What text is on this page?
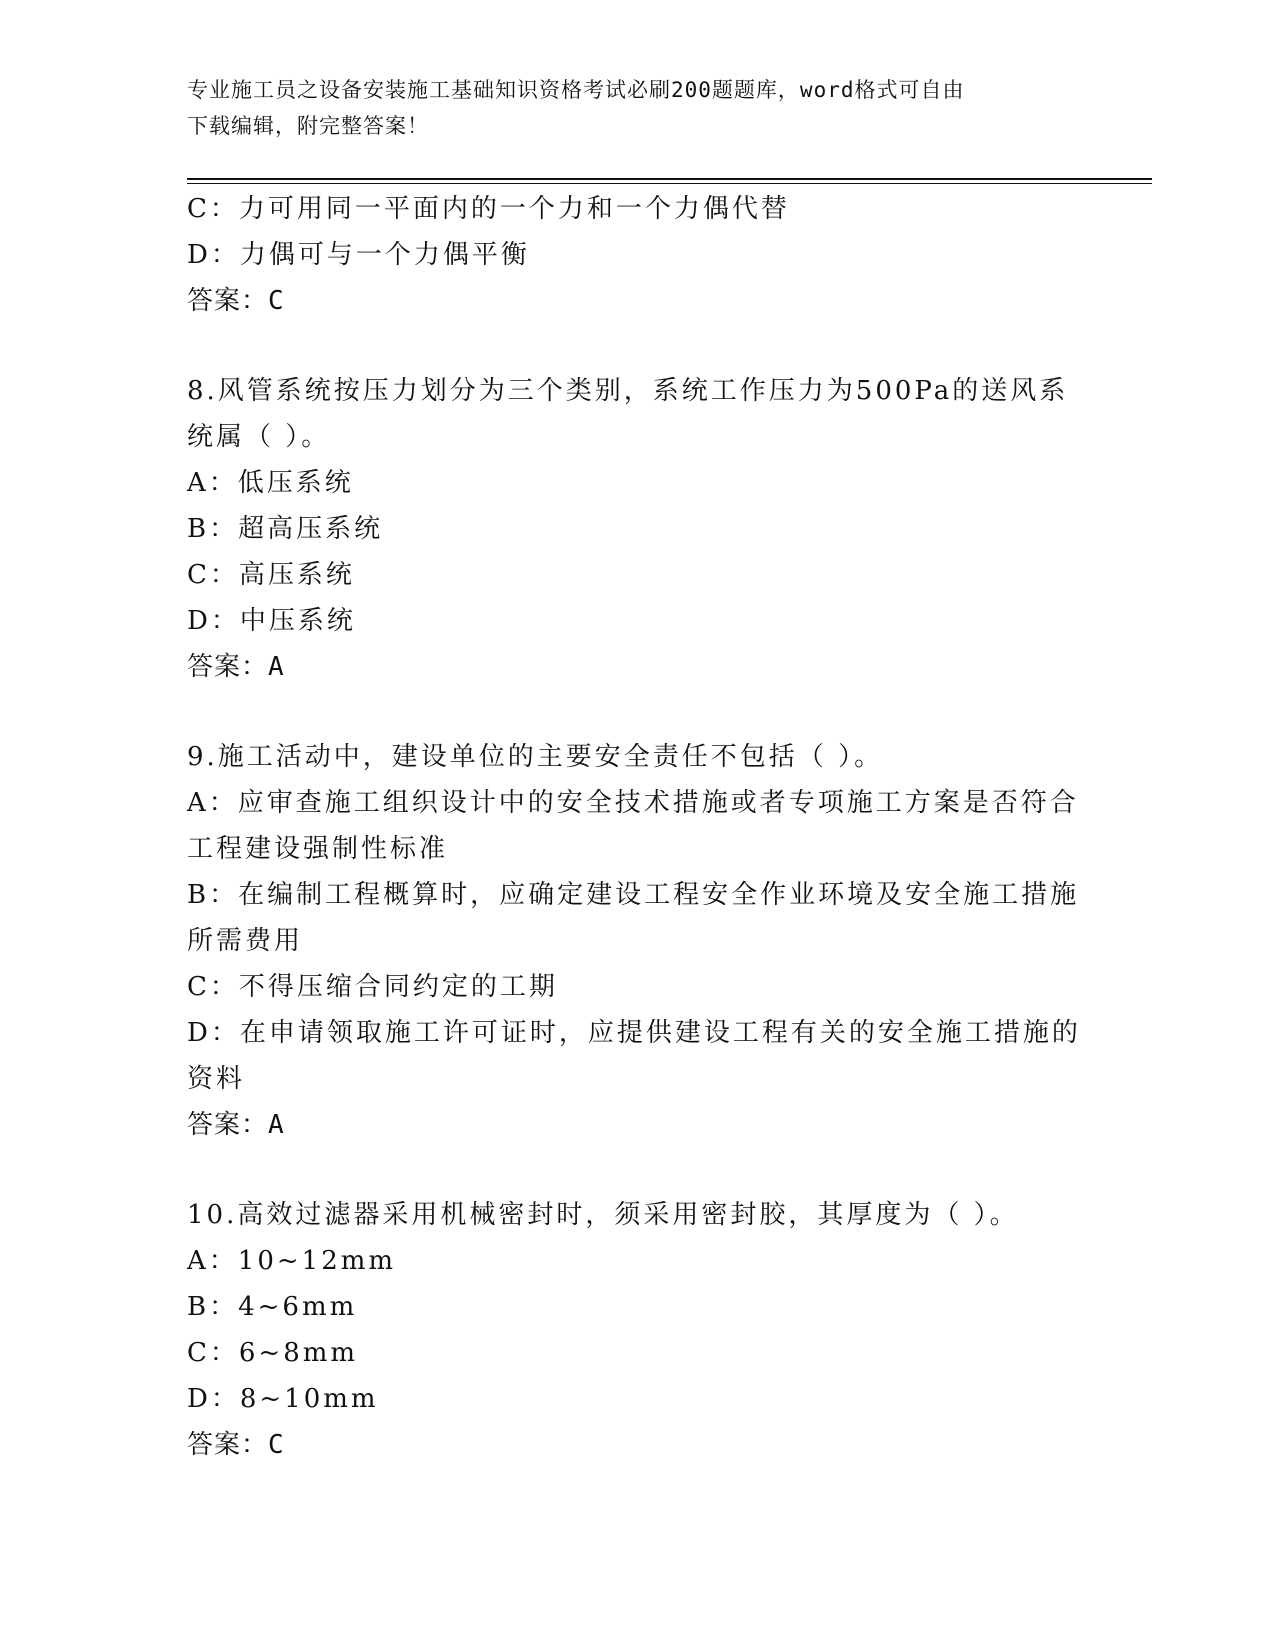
专业施工员之设备安装施工基础知识资格考试必刷200题题库，word格式可自由
下载编辑，附完整答案！
C：力可用同一平面内的一个力和一个力偶代替
D：力偶可与一个力偶平衡
答案：C
8.风管系统按压力划分为三个类别，系统工作压力为500Pa的送风系
统属（ ）。
A：低压系统
B：超高压系统
C：高压系统
D：中压系统
答案：A
9.施工活动中，建设单位的主要安全责任不包括（ ）。
A：应审查施工组织设计中的安全技术措施或者专项施工方案是否符合
工程建设强制性标准
B：在编制工程概算时，应确定建设工程安全作业环境及安全施工措施
所需费用
C：不得压缩合同约定的工期
D：在申请领取施工许可证时，应提供建设工程有关的安全施工措施的
资料
答案：A
10.高效过滤器采用机械密封时，须采用密封胶，其厚度为（ ）。
A：10~12mm
B：4~6mm
C：6~8mm
D：8~10mm
答案：C
